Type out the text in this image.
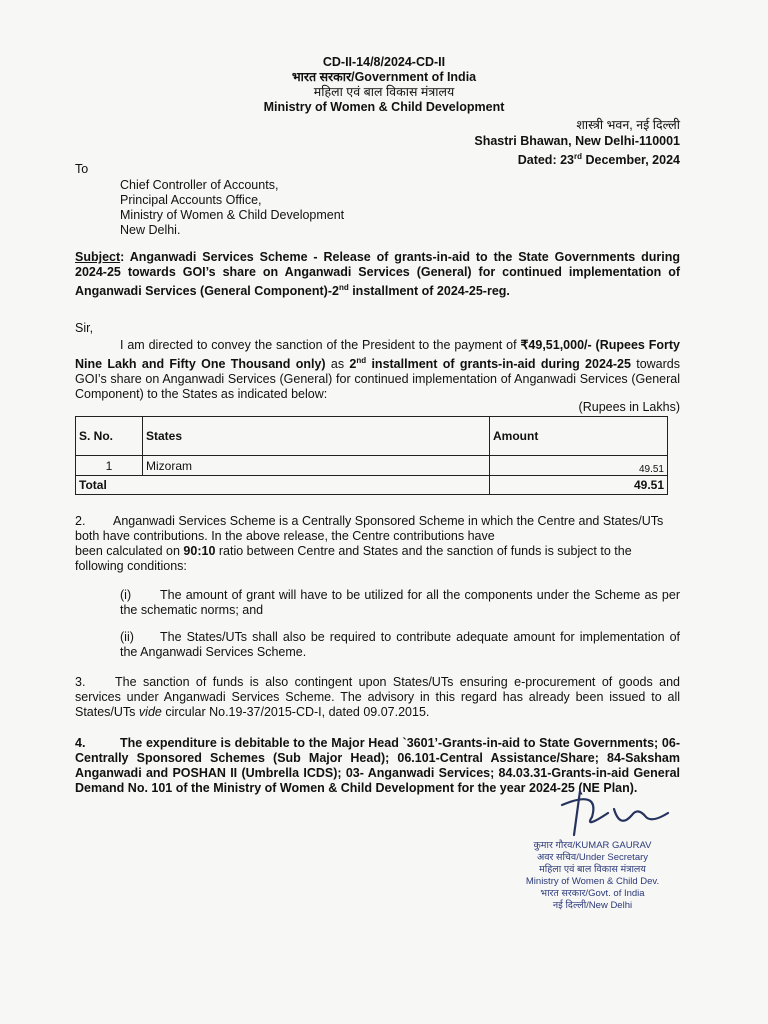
CD-II-14/8/2024-CD-II
भारत सरकार/Government of India
महिला एवं बाल विकास मंत्रालय
Ministry of Women & Child Development
शास्त्री भवन, नई दिल्ली
Shastri Bhawan, New Delhi-110001
Dated: 23rd December, 2024
To
Chief Controller of Accounts,
Principal Accounts Office,
Ministry of Women & Child Development
New Delhi.
Subject: Anganwadi Services Scheme - Release of grants-in-aid to the State Governments during 2024-25 towards GOI’s share on Anganwadi Services (General) for continued implementation of Anganwadi Services (General Component)-2nd installment of 2024-25-reg.
Sir,
I am directed to convey the sanction of the President to the payment of ₹49,51,000/- (Rupees Forty Nine Lakh and Fifty One Thousand only) as 2nd installment of grants-in-aid during 2024-25 towards GOI’s share on Anganwadi Services (General) for continued implementation of Anganwadi Services (General Component) to the States as indicated below:
(Rupees in Lakhs)
S. No.	States	Amount
1	Mizoram	49.51
Total		49.51
2. Anganwadi Services Scheme is a Centrally Sponsored Scheme in which the Centre and States/UTs both have contributions. In the above release, the Centre contributions have
been calculated on 90:10 ratio between Centre and States and the sanction of funds is subject to the following conditions:
(i) The amount of grant will have to be utilized for all the components under the Scheme as per the schematic norms; and
(ii) The States/UTs shall also be required to contribute adequate amount for implementation of the Anganwadi Services Scheme.
3. The sanction of funds is also contingent upon States/UTs ensuring e-procurement of goods and services under Anganwadi Services Scheme. The advisory in this regard has already been issued to all States/UTs vide circular No.19-37/2015-CD-I, dated 09.07.2015.
4.	The expenditure is debitable to the Major Head `3601’-Grants-in-aid to State Governments; 06-Centrally Sponsored Schemes (Sub Major Head); 06.101-Central Assistance/Share; 84-Saksham Anganwadi and POSHAN II (Umbrella ICDS); 03- Anganwadi Services; 84.03.31-Grants-in-aid General Demand No. 101 of the Ministry of Women & Child Development for the year 2024-25 (NE Plan).
कुमार गौरव/KUMAR GAURAV
अवर सचिव/Under Secretary
महिला एवं बाल विकास मंत्रालय
Ministry of Women & Child Dev.
भारत सरकार/Govt. of India
नई दिल्ली/New Delhi
